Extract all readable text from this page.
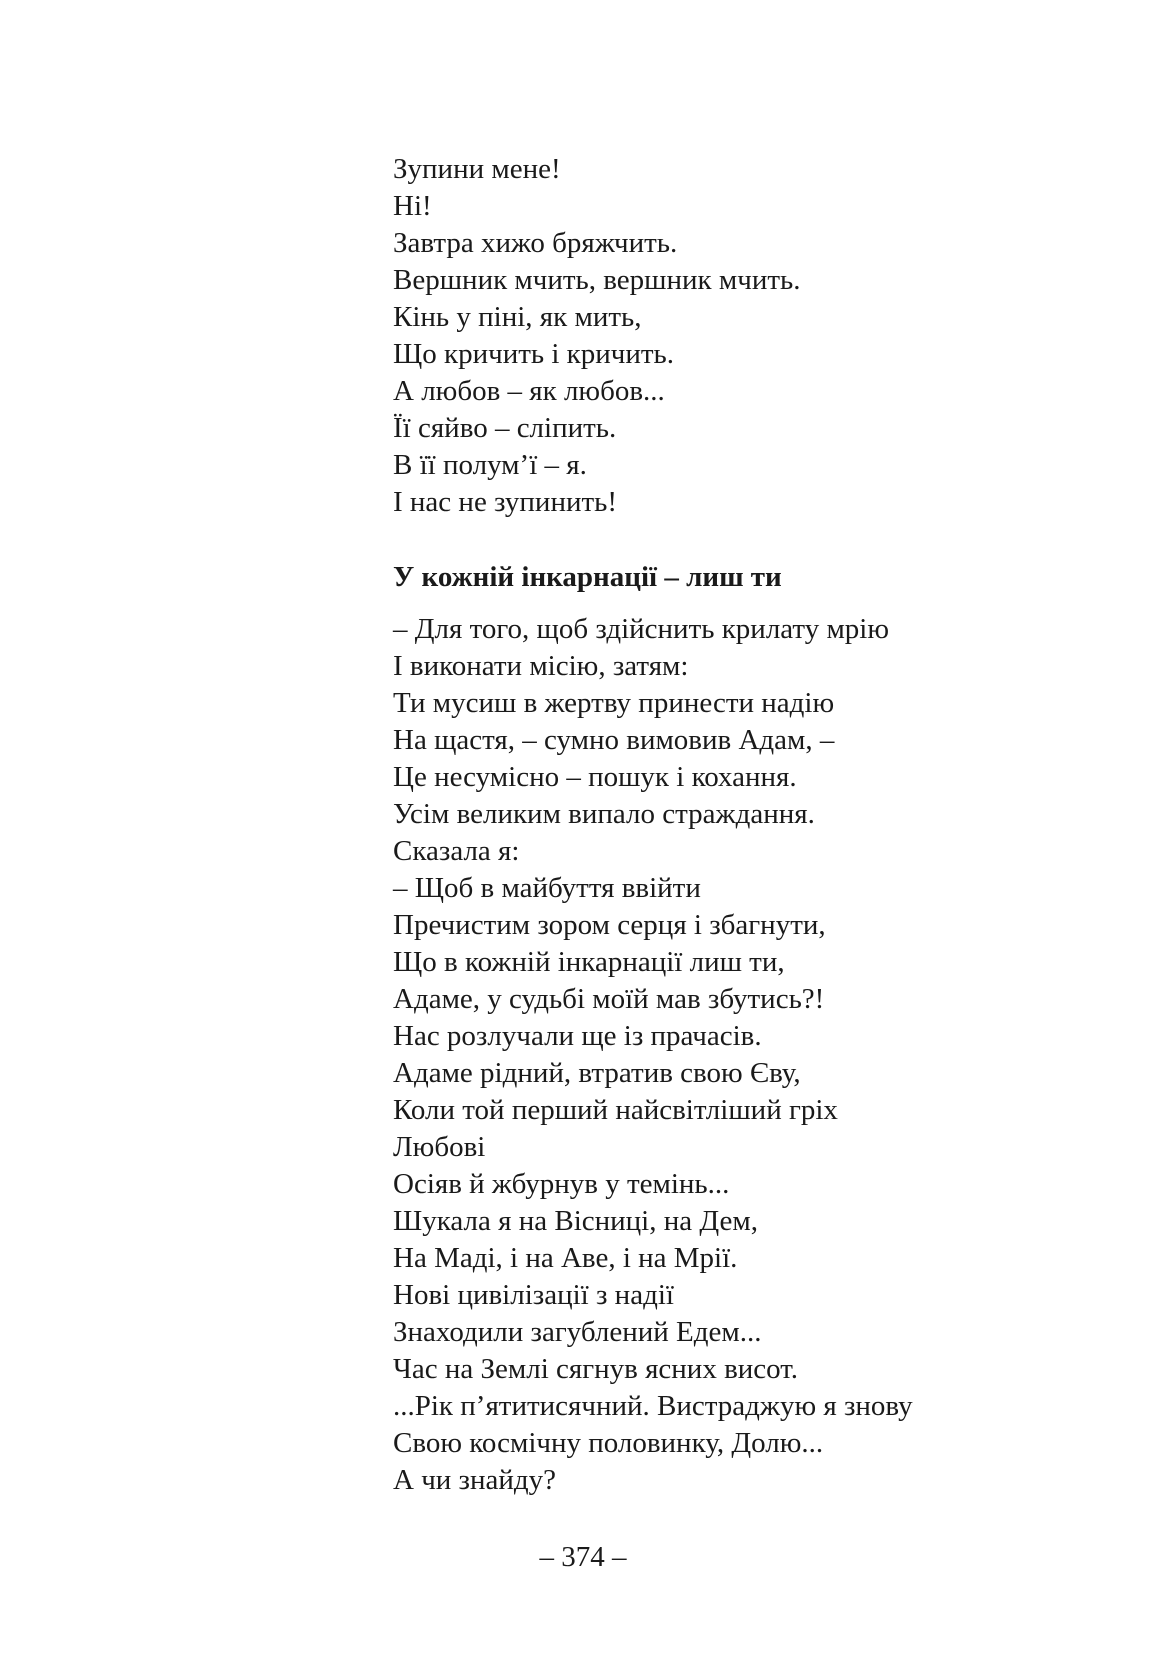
Зупини мене!
Ні!
Завтра хижо бряжчить.
Вершник мчить, вершник мчить.
Кінь у піні, як мить,
Що кричить і кричить.
А любов – як любов...
Її сяйво – сліпить.
В її полум’ї – я.
І нас не зупинить!
У кожній інкарнації – лиш ти
– Для того, щоб здійснить крилату мрію
І виконати місію, затям:
Ти мусиш в жертву принести надію
На щастя, – сумно вимовив Адам, –
Це несумісно – пошук і кохання.
Усім великим випало страждання.
Сказала я:
– Щоб в майбуття ввійти
Пречистим зором серця і збагнути,
Що в кожній інкарнації лиш ти,
Адаме, у судьбі моїй мав збутись?!
Нас розлучали ще із прачасів.
Адаме рідний, втратив свою Єву,
Коли той перший найсвітліший гріх
Любові
Осіяв й жбурнув у темінь...
Шукала я на Вісниці, на Дем,
На Маді, і на Аве, і на Мрії.
Нові цивілізації з надії
Знаходили загублений Едем...
Час на Землі сягнув ясних висот.
...Рік п’ятитисячний. Вистраджую я знову
Свою космічну половинку, Долю...
А чи знайду?
– 374 –
